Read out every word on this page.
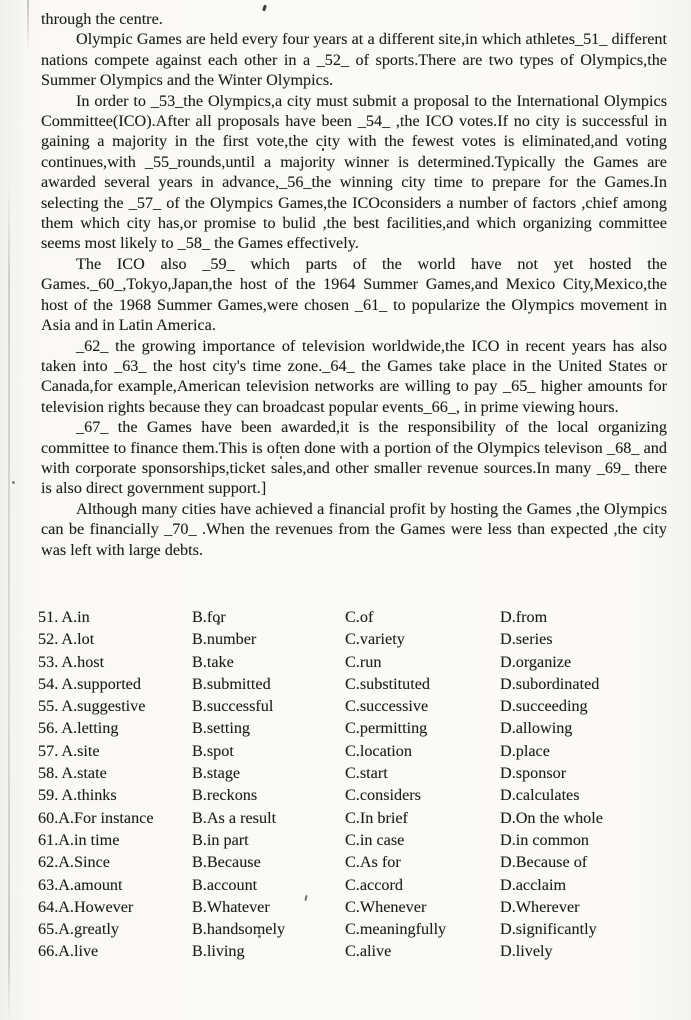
through the centre.

Olympic Games are held every four years at a different site,in which athletes_51_ different nations compete against each other in a _52_ of sports.There are two types of Olympics,the Summer Olympics and the Winter Olympics.

In order to _53_the Olympics,a city must submit a proposal to the International Olympics Committee(ICO).After all proposals have been _54_ ,the ICO votes.If no city is successful in gaining a majority in the first vote,the city with the fewest votes is eliminated,and voting continues,with _55_rounds,until a majority winner is determined.Typically the Games are awarded several years in advance,_56_the winning city time to prepare for the Games.In selecting the _57_ of the Olympics Games,the ICOconsiders a number of factors ,chief among them which city has,or promise to bulid ,the best facilities,and which organizing committee seems most likely to _58_ the Games effectively.

The ICO also _59_ which parts of the world have not yet hosted the Games._60_,Tokyo,Japan,the host of the 1964 Summer Games,and Mexico City,Mexico,the host of the 1968 Summer Games,were chosen _61_ to popularize the Olympics movement in Asia and in Latin America.

_62_ the growing importance of television worldwide,the ICO in recent years has also taken into _63_ the host city's time zone._64_ the Games take place in the United States or Canada,for example,American television networks are willing to pay _65_ higher amounts for television rights because they can broadcast popular events_66_, in prime viewing hours.

_67_ the Games have been awarded,it is the responsibility of the local organizing committee to finance them.This is often done with a portion of the Olympics televison _68_ and with corporate sponsorships,ticket sales,and other smaller revenue sources.In many _69_ there is also direct government support.]

Although many cities have achieved a financial profit by hosting the Games ,the Olympics can be financially _70_ .When the revenues from the Games were less than expected ,the city was left with large debts.

51. A.in	B.for	C.of	D.from
52. A.lot	B.number	C.variety	D.series
53. A.host	B.take	C.run	D.organize
54. A.supported	B.submitted	C.substituted	D.subordinated
55. A.suggestive	B.successful	C.successive	D.succeeding
56. A.letting	B.setting	C.permitting	D.allowing
57. A.site	B.spot	C.location	D.place
58. A.state	B.stage	C.start	D.sponsor
59. A.thinks	B.reckons	C.considers	D.calculates
60.A.For instance	B.As a result	C.In brief	D.On the whole
61.A.in time	B.in part	C.in case	D.in common
62.A.Since	B.Because	C.As for	D.Because of
63.A.amount	B.account	C.accord	D.acclaim
64.A.However	B.Whatever	C.Whenever	D.Wherever
65.A.greatly	B.handsomely	C.meaningfully	D.significantly
66.A.live	B.living	C.alive	D.lively
